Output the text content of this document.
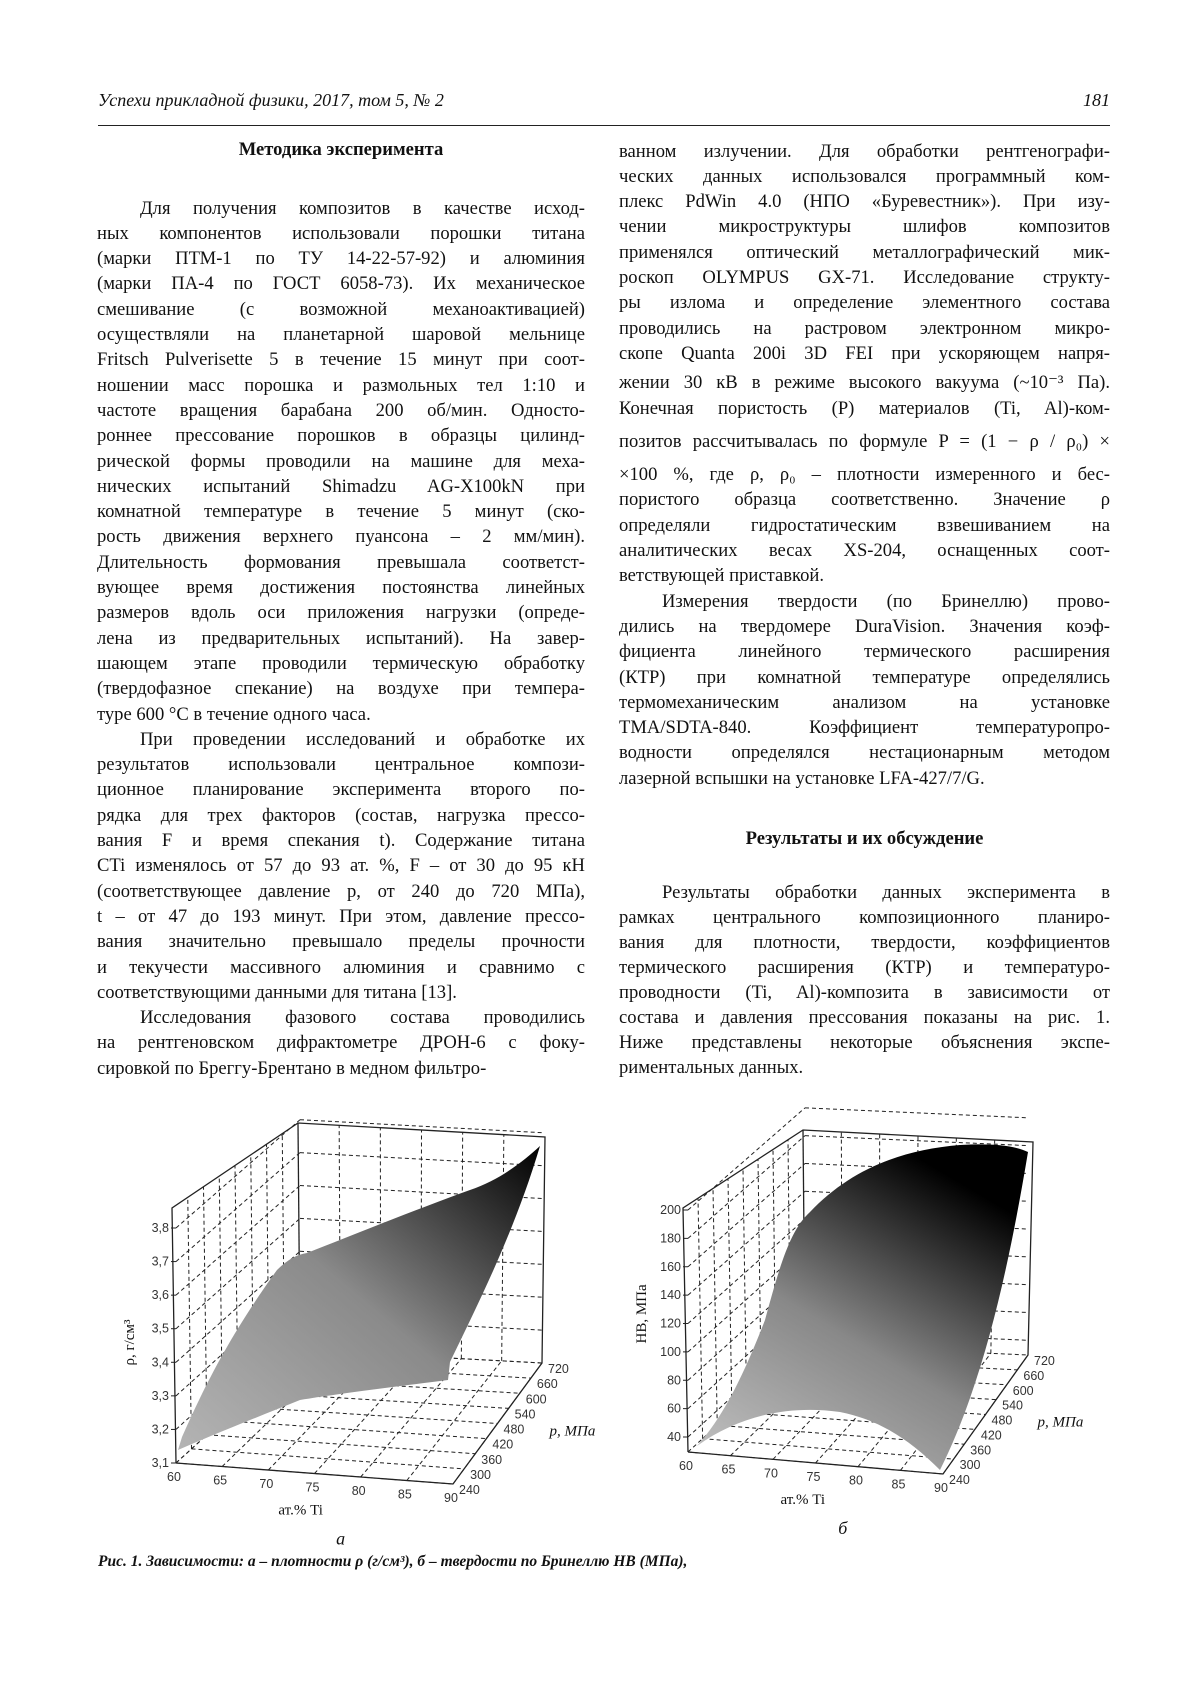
Успехи прикладной физики, 2017, том 5, № 2	181
Методика эксперимента
Результаты и их обсуждение
Для получения композитов в качестве исход-
ных компонентов использовали порошки титана
(марки ПТМ-1 по ТУ 14-22-57-92) и алюминия
(марки ПА-4 по ГОСТ 6058-73). Их механическое
смешивание (с возможной механоактивацией)
осуществляли на планетарной шаровой мельнице
Fritsch Pulverisette 5 в течение 15 минут при соот-
ношении масс порошка и размольных тел 1:10 и
частоте вращения барабана 200 об/мин. Односто-
роннее прессование порошков в образцы цилинд-
рической формы проводили на машине для меха-
нических испытаний Shimadzu AG-X100kN при
комнатной температуре в течение 5 минут (ско-
рость движения верхнего пуансона – 2 мм/мин).
Длительность формования превышала соответст-
вующее время достижения постоянства линейных
размеров вдоль оси приложения нагрузки (опреде-
лена из предварительных испытаний). На завер-
шающем этапе проводили термическую обработку
(твердофазное спекание) на воздухе при темпера-
туре 600 °С в течение одного часа.
При проведении исследований и обработке их
результатов использовали центральное компози-
ционное планирование эксперимента второго по-
рядка для трех факторов (состав, нагрузка прессо-
вания F и время спекания t). Содержание титана
CTi изменялось от 57 до 93 ат. %, F – от 30 до 95 кН
(соответствующее давление p, от 240 до 720 МПа),
t – от 47 до 193 минут. При этом, давление прессо-
вания значительно превышало пределы прочности
и текучести массивного алюминия и сравнимо с
соответствующими данными для титана [13].
Исследования фазового состава проводились
на рентгеновском дифрактометре ДРОН-6 с фоку-
сировкой по Бреггу-Брентано в медном фильтро-
ванном излучении. Для обработки рентгенографи-
ческих данных использовался программный ком-
плекс PdWin 4.0 (НПО «Буревестник»). При изу-
чении микроструктуры шлифов композитов
применялся оптический металлографический мик-
роскоп OLYMPUS GX-71. Исследование структу-
ры излома и определение элементного состава
проводились на растровом электронном микро-
скопе Quanta 200i 3D FEI при ускоряющем напря-
жении 30 кВ в режиме высокого вакуума (~10⁻³ Па).
Конечная пористость (P) материалов (Ti, Al)-ком-
позитов рассчитывалась по формуле P = (1 − ρ / ρ₀) ×
×100 %, где ρ, ρ₀ – плотности измеренного и бес-
пористого образца соответственно. Значение ρ
определяли гидростатическим взвешиванием на
аналитических весах XS-204, оснащенных соот-
ветствующей приставкой.
Измерения твердости (по Бринеллю) прово-
дились на твердомере DuraVision. Значения коэф-
фициента линейного термического расширения
(КТР) при комнатной температуре определялись
термомеханическим анализом на установке
TMA/SDTA-840. Коэффициент температуропро-
водности определялся нестационарным методом
лазерной вспышки на установке LFA-427/7/G.
Результаты обработки данных эксперимента в
рамках центрального композиционного планиро-
вания для плотности, твердости, коэффициентов
термического расширения (КТР) и температуро-
проводности (Ti, Al)-композита в зависимости от
состава и давления прессования показаны на рис. 1.
Ниже представлены некоторые объяснения экспе-
риментальных данных.
3,1
3,2
3,3
3,4
3,5
3,6
3,7
3,8
60	65	70	75	80	85	90
240
300
360
420
480
540
600
660
720
ат.% Ti
p, МПа
ρ, г/см³
а
40
60
80
100
120
140
160
180
200
60 65 70 75 80 85 90
240
300
360
420
480
540
600
660
720
ат.% Ti
p, МПа
HB, МПа
б
Рис. 1. Зависимости: а – плотности ρ (г/см³), б – твердости по Бринеллю HB (МПа),
